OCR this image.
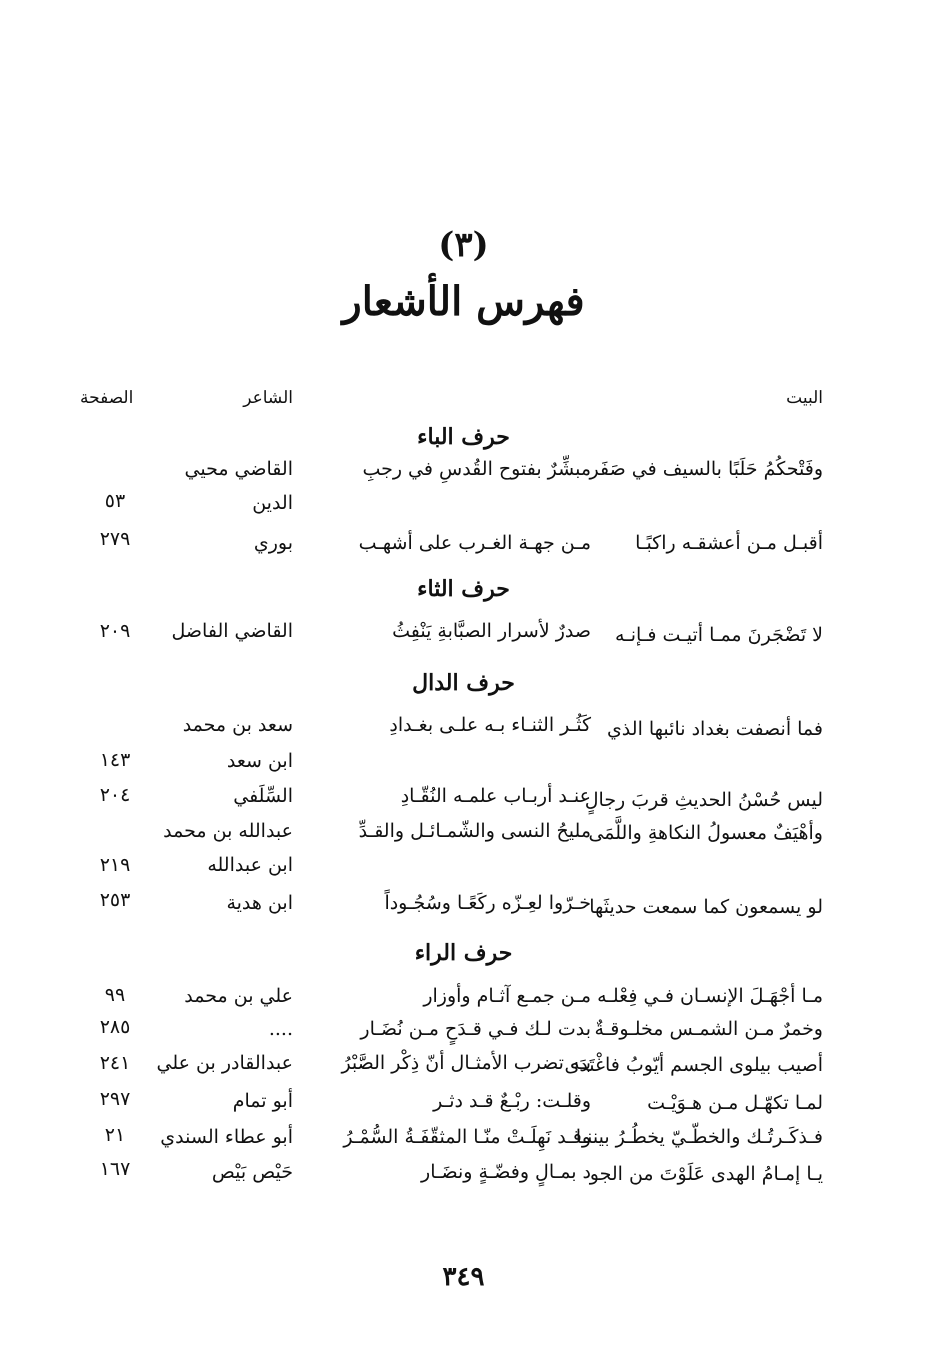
(٣)
فهرس الأشعار
البيت
الشاعر
الصفحة
حرف الباء
وفَتْحكُمُ حَلَبًا بالسيف في صَفَر
مبشِّرٌ بفتوح القُدسِ في رجبِ
القاضي محيي
الدين
٥٣
أقبـل مـن أعشقـه راكبًـا
مـن جهـة الغـرب على أشهـب
بوري
٢٧٩
حرف الثاء
لا تَضْجَرنَ ممـا أتيـت فـإنـه
صدرٌ لأسرار الصبَّابةِ يَنْفِثُ
القاضي الفاضل
٢٠٩
حرف الدال
فما أنصفت بغداد نائبها الذي
كَثُـر الثنـاء بـه علـى بغـدادِ
سعد بن محمد
ابن سعد
١٤٣
ليس حُسْنُ الحديثِ قربَ رجالٍ
عنـد أربـاب علمـه النُقّـادِ
السِّلَفي
٢٠٤
وأهْيَفٌ معسولُ النكاهةِ واللَّمَى
مليحُ النسى والشّمـائـل والقـدِّ
عبدالله بن محمد
ابن عبدالله
٢١٩
لو يسمعون كما سمعت حديثَها
خـرّوا لعِـزّه ركَعًـا وسُجُـوداً
ابن هدية
٢٥٣
حرف الراء
مـا أجْهَـلَ الإنسـان فـي فِعْلـه
مـن جمـع آثـام وأوزار
علي بن محمد
٩٩
وخمرٌ مـن الشمـس مخلـوقـةٌ
بدت لـك فـي قـدَحٍ مـن نُضَـار
....
٢٨٥
أصيب بيلوى الجسم أيّوبُ فاغْتَدَى
بـه تضرب الأمثـال أنّ ذِكْر الصَّبْرُ
عبدالقادر بن علي
٢٤١
لمـا تكهّـل مـن هـوَيْـت
وقلـت: ربْـعٌ قـد دثـر
أبو تمام
٢٩٧
فـذكَـرتُـك والخطّـيّ يخطُـرُ بيننـا
وقـد نَهِلَـتْ منّـا المثقّفَـةُ السُّمْـرُ
أبو عطاء السندي
٢١
يـا إمـامُ الهدى عَلَوْتَ من الجو
د بمـالٍ وفضّـةٍ ونضَـار
حَيْص بَيْص
١٦٧
٣٤٩
